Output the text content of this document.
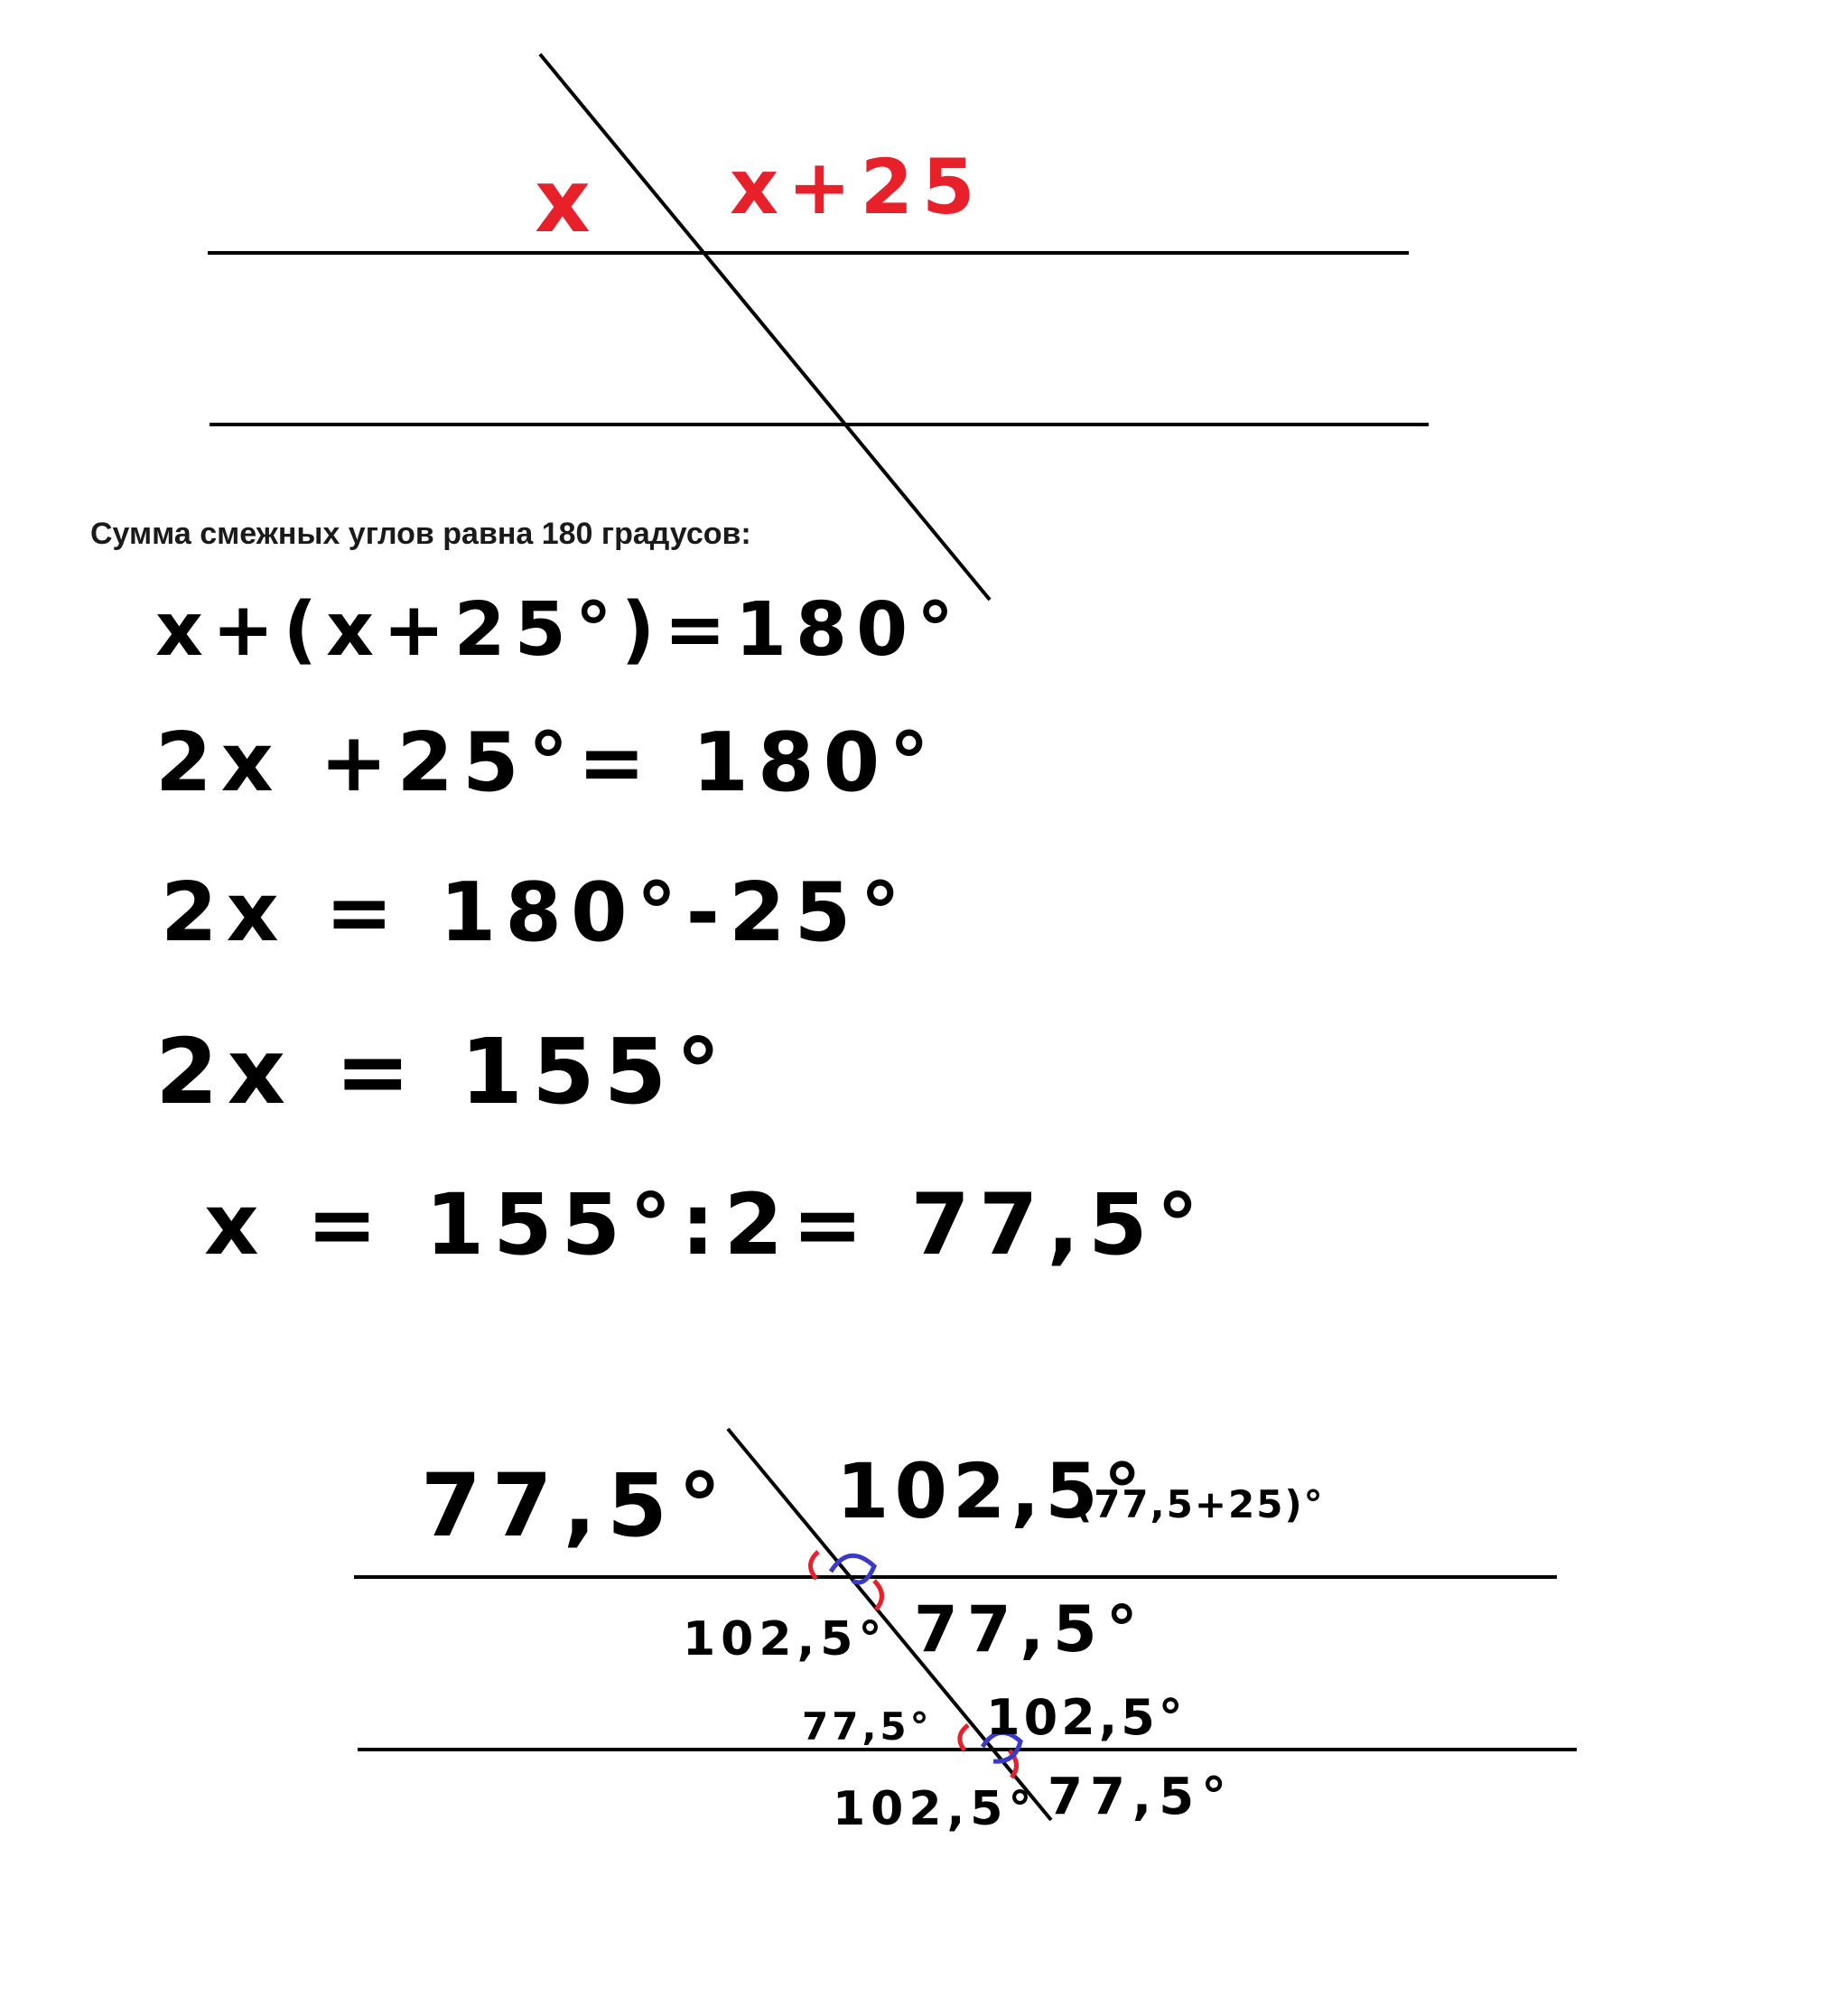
x x+25
77,5° 102,5°
(77,5+25)°
102,5° 77,5°
77,5° 102,5°
102,5° 77,5°
Сумма смежных углов равна 180 градусов:
x+(x+25°)=180°
2x +25°= 180°
2x = 180°-25°
2x = 155°
x = 155°:2= 77,5°
